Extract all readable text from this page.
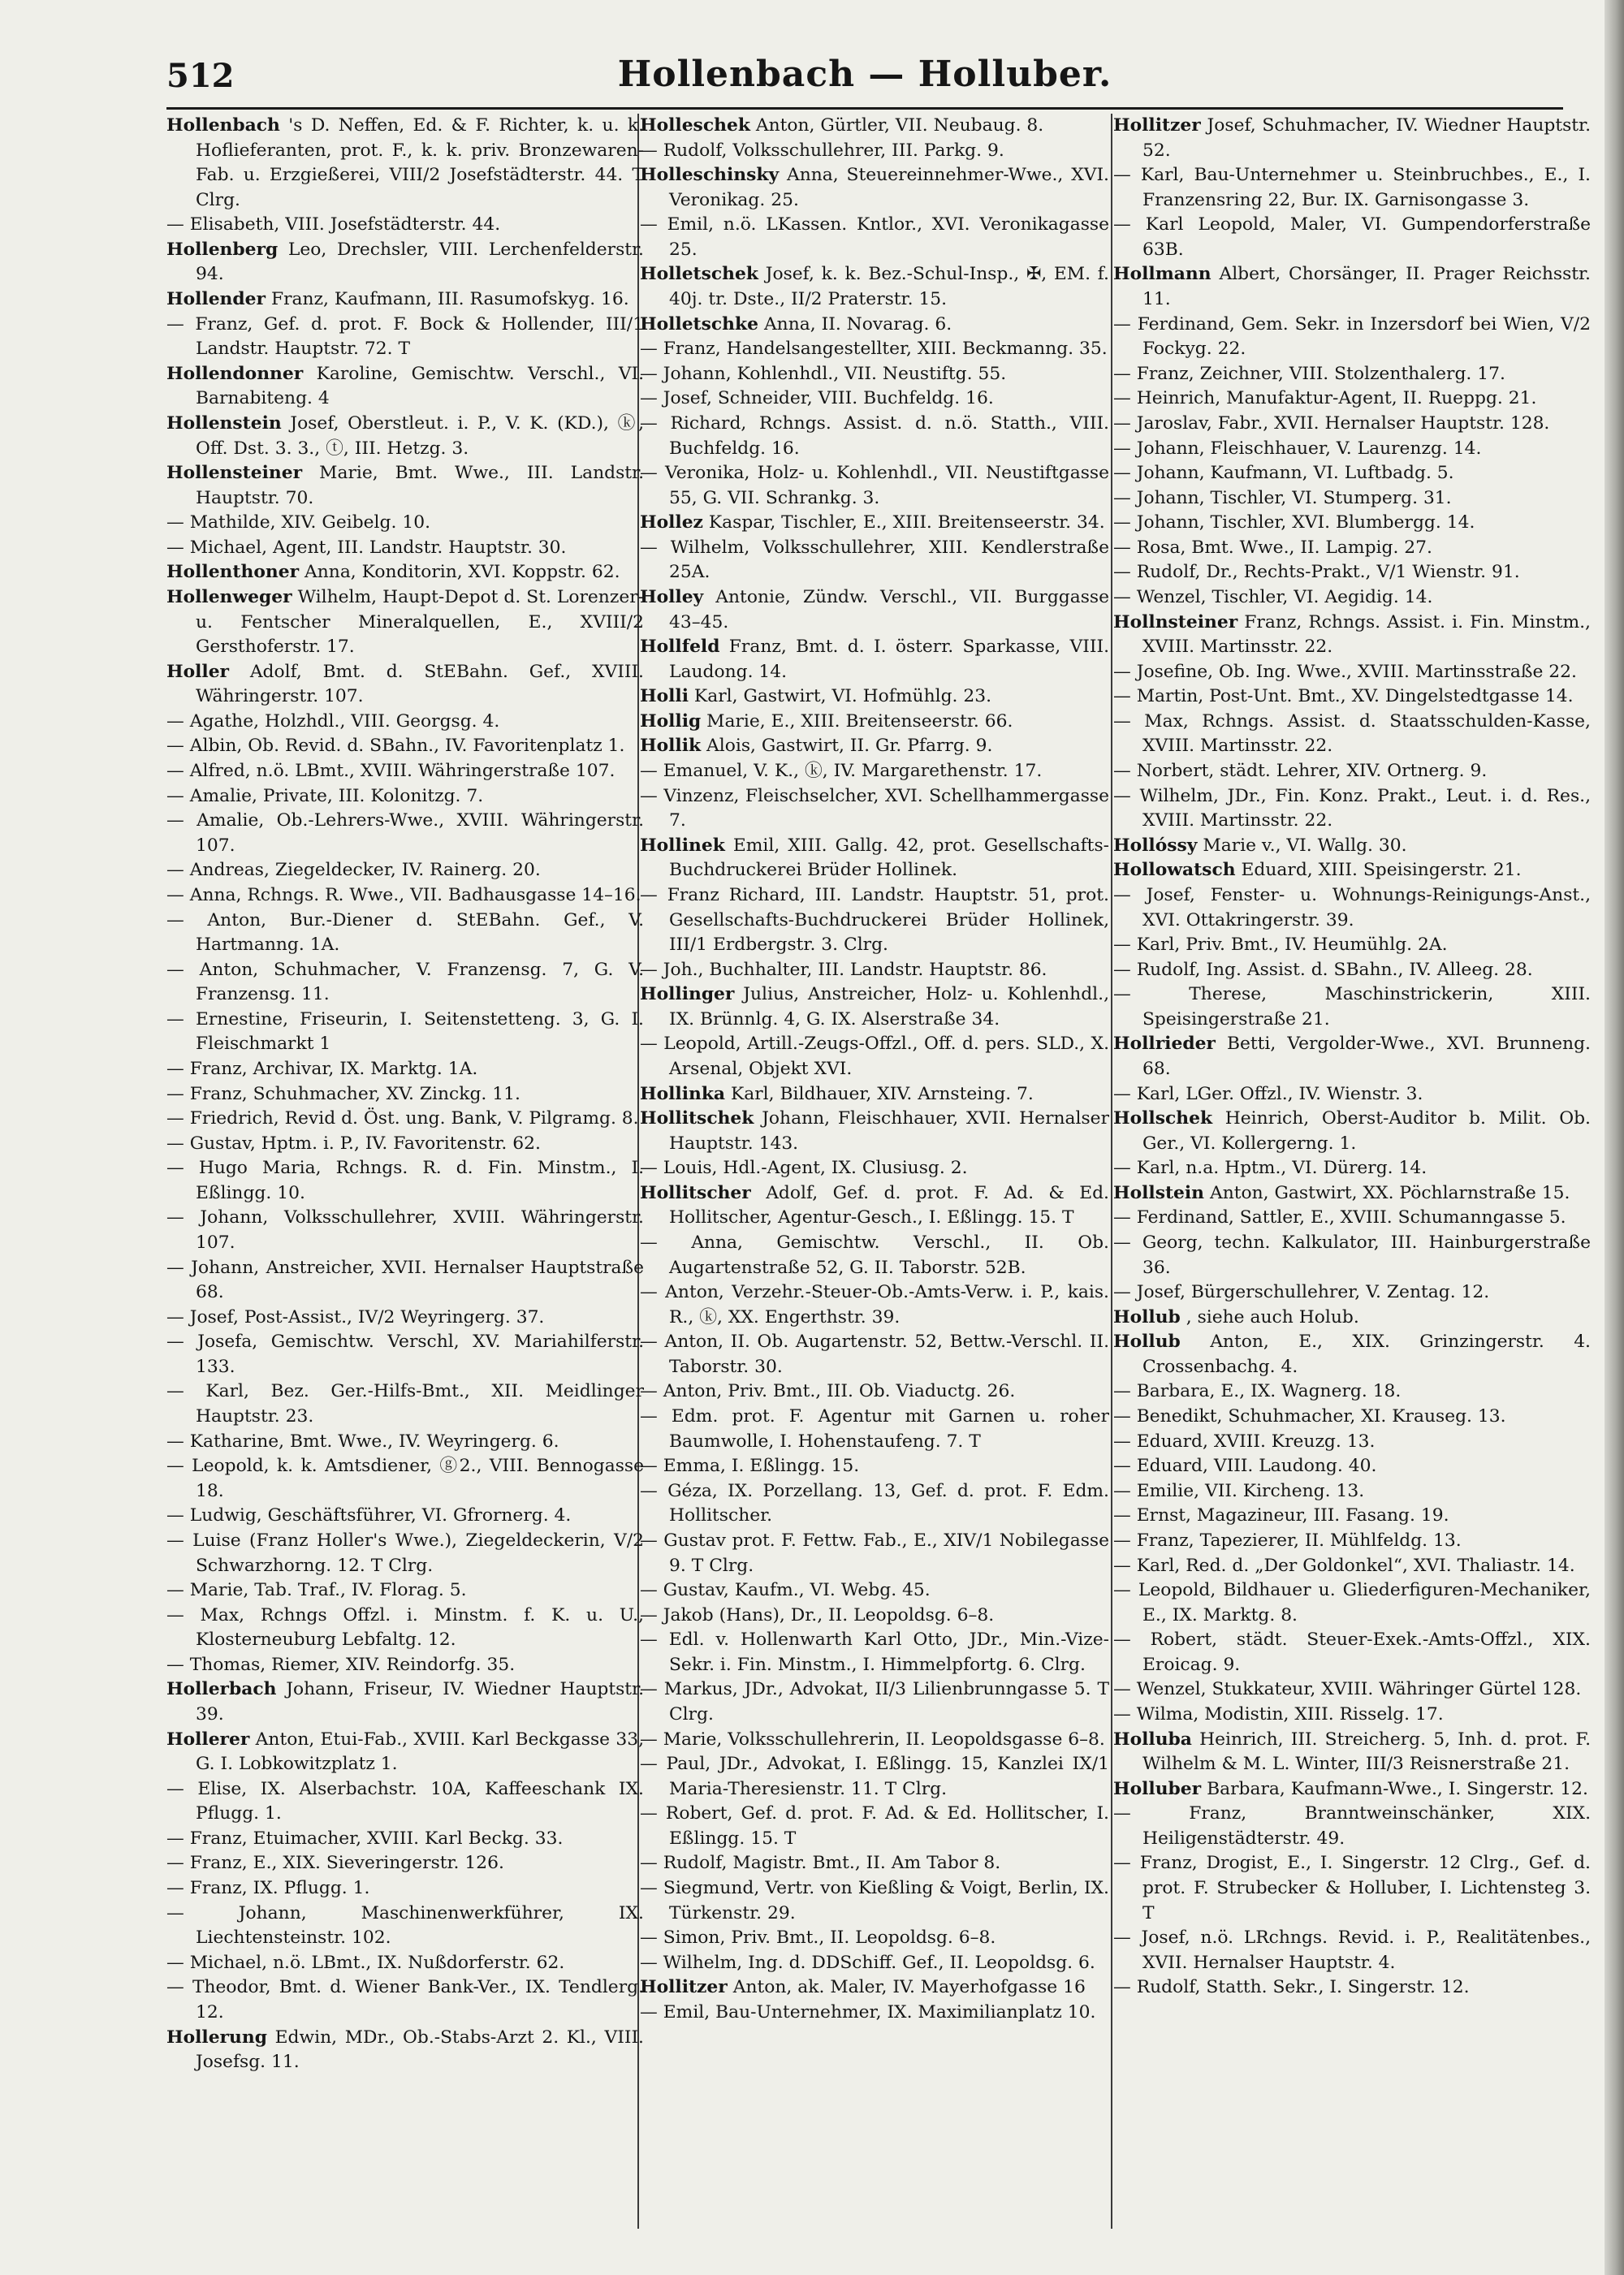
512	Hollenbach — Holluber.
Hollenbach 's D. Neffen, Ed. & F. Richter, k. u. k. Hoflieferanten, prot. F., k. k. priv. Bronzewaren-Fab. u. Erzgießerei, VIII/2 Josefstädterstr. 44. T Clrg.
— Elisabeth, VIII. Josefstädterstr. 44.
Hollenberg Leo, Drechsler, VIII. Lerchenfelderstr. 94.
Hollender Franz, Kaufmann, III. Rasumofskyg. 16.
— Franz, Gef. d. prot. F. Bock & Hollender, III/1 Landstr. Hauptstr. 72. T
Hollendonner Karoline, Gemischtw. Verschl., VI. Barnabiteng. 4
Hollenstein Josef, Oberstleut. i. P., V. K. (KD.), ⓚ, Off. Dst. 3. 3., ⓣ, III. Hetzg. 3.
Hollensteiner Marie, Bmt. Wwe., III. Landstr. Hauptstr. 70.
— Mathilde, XIV. Geibelg. 10.
— Michael, Agent, III. Landstr. Hauptstr. 30.
Hollenthoner Anna, Konditorin, XVI. Koppstr. 62.
Hollenweger Wilhelm, Haupt-Depot d. St. Lorenzer- u. Fentscher Mineralquellen, E., XVIII/2 Gersthoferstr. 17.
Holler Adolf, Bmt. d. StEBahn. Gef., XVIII. Währingerstr. 107.
— Agathe, Holzhdl., VIII. Georgsg. 4.
— Albin, Ob. Revid. d. SBahn., IV. Favoritenplatz 1.
— Alfred, n.ö. LBmt., XVIII. Währingerstraße 107.
— Amalie, Private, III. Kolonitzg. 7.
— Amalie, Ob.-Lehrers-Wwe., XVIII. Währingerstr. 107.
— Andreas, Ziegeldecker, IV. Rainerg. 20.
— Anna, Rchngs. R. Wwe., VII. Badhausgasse 14–16.
— Anton, Bur.-Diener d. StEBahn. Gef., V. Hartmanng. 1A.
— Anton, Schuhmacher, V. Franzensg. 7, G. V. Franzensg. 11.
— Ernestine, Friseurin, I. Seitenstetteng. 3, G. I. Fleischmarkt 1
— Franz, Archivar, IX. Marktg. 1A.
— Franz, Schuhmacher, XV. Zinckg. 11.
— Friedrich, Revid d. Öst. ung. Bank, V. Pilgramg. 8.
— Gustav, Hptm. i. P., IV. Favoritenstr. 62.
— Hugo Maria, Rchngs. R. d. Fin. Minstm., I. Eßlingg. 10.
— Johann, Volksschullehrer, XVIII. Währingerstr. 107.
— Johann, Anstreicher, XVII. Hernalser Hauptstraße 68.
— Josef, Post-Assist., IV/2 Weyringerg. 37.
— Josefa, Gemischtw. Verschl, XV. Mariahilferstr. 133.
— Karl, Bez. Ger.-Hilfs-Bmt., XII. Meidlinger Hauptstr. 23.
— Katharine, Bmt. Wwe., IV. Weyringerg. 6.
— Leopold, k. k. Amtsdiener, ⓖ2., VIII. Bennogasse 18.
— Ludwig, Geschäftsführer, VI. Gfrornerg. 4.
— Luise (Franz Holler's Wwe.), Ziegeldeckerin, V/2 Schwarzhorng. 12. T Clrg.
— Marie, Tab. Traf., IV. Florag. 5.
— Max, Rchngs Offzl. i. Minstm. f. K. u. U., Klosterneuburg Lebfaltg. 12.
— Thomas, Riemer, XIV. Reindorfg. 35.
Hollerbach Johann, Friseur, IV. Wiedner Hauptstr. 39.
Hollerer Anton, Etui-Fab., XVIII. Karl Beckgasse 33, G. I. Lobkowitzplatz 1.
— Elise, IX. Alserbachstr. 10A, Kaffeeschank IX. Pflugg. 1.
— Franz, Etuimacher, XVIII. Karl Beckg. 33.
— Franz, E., XIX. Sieveringerstr. 126.
— Franz, IX. Pflugg. 1.
— Johann, Maschinenwerkführer, IX. Liechtensteinstr. 102.
— Michael, n.ö. LBmt., IX. Nußdorferstr. 62.
— Theodor, Bmt. d. Wiener Bank-Ver., IX. Tendlerg. 12.
Hollerung Edwin, MDr., Ob.-Stabs-Arzt 2. Kl., VIII. Josefsg. 11.
Holleschek Anton, Gürtler, VII. Neubaug. 8.
— Rudolf, Volksschullehrer, III. Parkg. 9.
Holleschinsky Anna, Steuereinnehmer-Wwe., XVI. Veronikag. 25.
— Emil, n.ö. LKassen. Kntlor., XVI. Veronikagasse 25.
Holletschek Josef, k. k. Bez.-Schul-Insp., ✠, EM. f. 40j. tr. Dste., II/2 Praterstr. 15.
Holletschke Anna, II. Novarag. 6.
— Franz, Handelsangestellter, XIII. Beckmanng. 35.
— Johann, Kohlenhdl., VII. Neustiftg. 55.
— Josef, Schneider, VIII. Buchfeldg. 16.
— Richard, Rchngs. Assist. d. n.ö. Statth., VIII. Buchfeldg. 16.
— Veronika, Holz- u. Kohlenhdl., VII. Neustiftgasse 55, G. VII. Schrankg. 3.
Hollez Kaspar, Tischler, E., XIII. Breitenseerstr. 34.
— Wilhelm, Volksschullehrer, XIII. Kendlerstraße 25A.
Holley Antonie, Zündw. Verschl., VII. Burggasse 43–45.
Hollfeld Franz, Bmt. d. I. österr. Sparkasse, VIII. Laudong. 14.
Holli Karl, Gastwirt, VI. Hofmühlg. 23.
Hollig Marie, E., XIII. Breitenseerstr. 66.
Hollik Alois, Gastwirt, II. Gr. Pfarrg. 9.
— Emanuel, V. K., ⓚ, IV. Margarethenstr. 17.
— Vinzenz, Fleischselcher, XVI. Schellhammergasse 7.
Hollinek Emil, XIII. Gallg. 42, prot. Gesellschafts-Buchdruckerei Brüder Hollinek.
— Franz Richard, III. Landstr. Hauptstr. 51, prot. Gesellschafts-Buchdruckerei Brüder Hollinek, III/1 Erdbergstr. 3. Clrg.
— Joh., Buchhalter, III. Landstr. Hauptstr. 86.
Hollinger Julius, Anstreicher, Holz- u. Kohlenhdl., IX. Brünnlg. 4, G. IX. Alserstraße 34.
— Leopold, Artill.-Zeugs-Offzl., Off. d. pers. SLD., X. Arsenal, Objekt XVI.
Hollinka Karl, Bildhauer, XIV. Arnsteing. 7.
Hollitschek Johann, Fleischhauer, XVII. Hernalser Hauptstr. 143.
— Louis, Hdl.-Agent, IX. Clusiusg. 2.
Hollitscher Adolf, Gef. d. prot. F. Ad. & Ed. Hollitscher, Agentur-Gesch., I. Eßlingg. 15. T
— Anna, Gemischtw. Verschl., II. Ob. Augartenstraße 52, G. II. Taborstr. 52B.
— Anton, Verzehr.-Steuer-Ob.-Amts-Verw. i. P., kais. R., ⓚ, XX. Engerthstr. 39.
— Anton, II. Ob. Augartenstr. 52, Bettw.-Verschl. II. Taborstr. 30.
— Anton, Priv. Bmt., III. Ob. Viaductg. 26.
— Edm. prot. F. Agentur mit Garnen u. roher Baumwolle, I. Hohenstaufeng. 7. T
— Emma, I. Eßlingg. 15.
— Géza, IX. Porzellang. 13, Gef. d. prot. F. Edm. Hollitscher.
— Gustav prot. F. Fettw. Fab., E., XIV/1 Nobilegasse 9. T Clrg.
— Gustav, Kaufm., VI. Webg. 45.
— Jakob (Hans), Dr., II. Leopoldsg. 6–8.
— Edl. v. Hollenwarth Karl Otto, JDr., Min.-Vize-Sekr. i. Fin. Minstm., I. Himmelpfortg. 6. Clrg.
— Markus, JDr., Advokat, II/3 Lilienbrunngasse 5. T Clrg.
— Marie, Volksschullehrerin, II. Leopoldsgasse 6–8.
— Paul, JDr., Advokat, I. Eßlingg. 15, Kanzlei IX/1 Maria-Theresienstr. 11. T Clrg.
— Robert, Gef. d. prot. F. Ad. & Ed. Hollitscher, I. Eßlingg. 15. T
— Rudolf, Magistr. Bmt., II. Am Tabor 8.
— Siegmund, Vertr. von Kießling & Voigt, Berlin, IX. Türkenstr. 29.
— Simon, Priv. Bmt., II. Leopoldsg. 6–8.
— Wilhelm, Ing. d. DDSchiff. Gef., II. Leopoldsg. 6.
Hollitzer Anton, ak. Maler, IV. Mayerhofgasse 16
— Emil, Bau-Unternehmer, IX. Maximilianplatz 10.
Hollitzer Josef, Schuhmacher, IV. Wiedner Hauptstr. 52.
— Karl, Bau-Unternehmer u. Steinbruchbes., E., I. Franzensring 22, Bur. IX. Garnisongasse 3.
— Karl Leopold, Maler, VI. Gumpendorferstraße 63B.
Hollmann Albert, Chorsänger, II. Prager Reichsstr. 11.
— Ferdinand, Gem. Sekr. in Inzersdorf bei Wien, V/2 Fockyg. 22.
— Franz, Zeichner, VIII. Stolzenthalerg. 17.
— Heinrich, Manufaktur-Agent, II. Rueppg. 21.
— Jaroslav, Fabr., XVII. Hernalser Hauptstr. 128.
— Johann, Fleischhauer, V. Laurenzg. 14.
— Johann, Kaufmann, VI. Luftbadg. 5.
— Johann, Tischler, VI. Stumperg. 31.
— Johann, Tischler, XVI. Blumbergg. 14.
— Rosa, Bmt. Wwe., II. Lampig. 27.
— Rudolf, Dr., Rechts-Prakt., V/1 Wienstr. 91.
— Wenzel, Tischler, VI. Aegidig. 14.
Hollnsteiner Franz, Rchngs. Assist. i. Fin. Minstm., XVIII. Martinsstr. 22.
— Josefine, Ob. Ing. Wwe., XVIII. Martinsstraße 22.
— Martin, Post-Unt. Bmt., XV. Dingelstedtgasse 14.
— Max, Rchngs. Assist. d. Staatsschulden-Kasse, XVIII. Martinsstr. 22.
— Norbert, städt. Lehrer, XIV. Ortnerg. 9.
— Wilhelm, JDr., Fin. Konz. Prakt., Leut. i. d. Res., XVIII. Martinsstr. 22.
Hollóssy Marie v., VI. Wallg. 30.
Hollowatsch Eduard, XIII. Speisingerstr. 21.
— Josef, Fenster- u. Wohnungs-Reinigungs-Anst., XVI. Ottakringerstr. 39.
— Karl, Priv. Bmt., IV. Heumühlg. 2A.
— Rudolf, Ing. Assist. d. SBahn., IV. Alleeg. 28.
— Therese, Maschinstrickerin, XIII. Speisingerstraße 21.
Hollrieder Betti, Vergolder-Wwe., XVI. Brunneng. 68.
— Karl, LGer. Offzl., IV. Wienstr. 3.
Hollschek Heinrich, Oberst-Auditor b. Milit. Ob. Ger., VI. Kollergerng. 1.
— Karl, n.a. Hptm., VI. Dürerg. 14.
Hollstein Anton, Gastwirt, XX. Pöchlarnstraße 15.
— Ferdinand, Sattler, E., XVIII. Schumanngasse 5.
— Georg, techn. Kalkulator, III. Hainburgerstraße 36.
— Josef, Bürgerschullehrer, V. Zentag. 12.
Hollub , siehe auch Holub.
Hollub Anton, E., XIX. Grinzingerstr. 4. Crossenbachg. 4.
— Barbara, E., IX. Wagnerg. 18.
— Benedikt, Schuhmacher, XI. Krauseg. 13.
— Eduard, XVIII. Kreuzg. 13.
— Eduard, VIII. Laudong. 40.
— Emilie, VII. Kircheng. 13.
— Ernst, Magazineur, III. Fasang. 19.
— Franz, Tapezierer, II. Mühlfeldg. 13.
— Karl, Red. d. „Der Goldonkel“, XVI. Thaliastr. 14.
— Leopold, Bildhauer u. Gliederfiguren-Mechaniker, E., IX. Marktg. 8.
— Robert, städt. Steuer-Exek.-Amts-Offzl., XIX. Eroicag. 9.
— Wenzel, Stukkateur, XVIII. Währinger Gürtel 128.
— Wilma, Modistin, XIII. Risselg. 17.
Holluba Heinrich, III. Streicherg. 5, Inh. d. prot. F. Wilhelm & M. L. Winter, III/3 Reisnerstraße 21.
Holluber Barbara, Kaufmann-Wwe., I. Singerstr. 12.
— Franz, Branntweinschänker, XIX. Heiligenstädterstr. 49.
— Franz, Drogist, E., I. Singerstr. 12 Clrg., Gef. d. prot. F. Strubecker & Holluber, I. Lichtensteg 3. T
— Josef, n.ö. LRchngs. Revid. i. P., Realitätenbes., XVII. Hernalser Hauptstr. 4.
— Rudolf, Statth. Sekr., I. Singerstr. 12.
